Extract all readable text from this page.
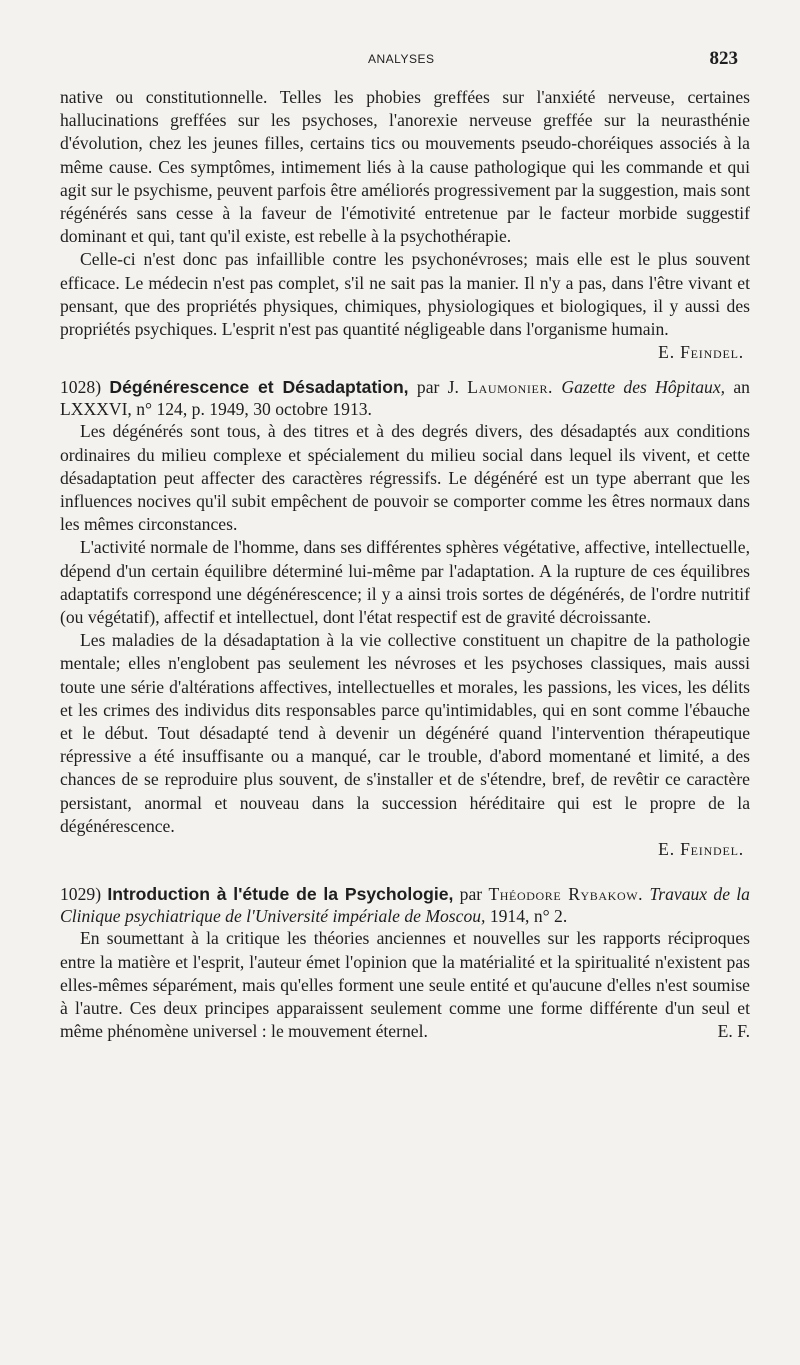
ANALYSES	823

native ou constitutionnelle. Telles les phobies greffées sur l'anxiété nerveuse, certaines hallucinations greffées sur les psychoses, l'anorexie nerveuse greffée sur la neurasthénie d'évolution, chez les jeunes filles, certains tics ou mouvements pseudo-choréiques associés à la même cause. Ces symptômes, intimement liés à la cause pathologique qui les commande et qui agit sur le psychisme, peuvent parfois être améliorés progressivement par la suggestion, mais sont régénérés sans cesse à la faveur de l'émotivité entretenue par le facteur morbide suggestif dominant et qui, tant qu'il existe, est rebelle à la psychothérapie.

Celle-ci n'est donc pas infaillible contre les psychonévroses; mais elle est le plus souvent efficace. Le médecin n'est pas complet, s'il ne sait pas la manier. Il n'y a pas, dans l'être vivant et pensant, que des propriétés physiques, chimiques, physiologiques et biologiques, il y aussi des propriétés psychiques. L'esprit n'est pas quantité négligeable dans l'organisme humain.

E. Feindel.

1028) Dégénérescence et Désadaptation, par J. Laumonier. Gazette des Hôpitaux, an LXXXVI, n° 124, p. 1949, 30 octobre 1913.

Les dégénérés sont tous, à des titres et à des degrés divers, des désadaptés aux conditions ordinaires du milieu complexe et spécialement du milieu social dans lequel ils vivent, et cette désadaptation peut affecter des caractères régressifs. Le dégénéré est un type aberrant que les influences nocives qu'il subit empêchent de pouvoir se comporter comme les êtres normaux dans les mêmes circonstances.

L'activité normale de l'homme, dans ses différentes sphères végétative, affective, intellectuelle, dépend d'un certain équilibre déterminé lui-même par l'adaptation. A la rupture de ces équilibres adaptatifs correspond une dégénérescence; il y a ainsi trois sortes de dégénérés, de l'ordre nutritif (ou végétatif), affectif et intellectuel, dont l'état respectif est de gravité décroissante.

Les maladies de la désadaptation à la vie collective constituent un chapitre de la pathologie mentale; elles n'englobent pas seulement les névroses et les psychoses classiques, mais aussi toute une série d'altérations affectives, intellectuelles et morales, les passions, les vices, les délits et les crimes des individus dits responsables parce qu'intimidables, qui en sont comme l'ébauche et le début. Tout désadapté tend à devenir un dégénéré quand l'intervention thérapeutique répressive a été insuffisante ou a manqué, car le trouble, d'abord momentané et limité, a des chances de se reproduire plus souvent, de s'installer et de s'étendre, bref, de revêtir ce caractère persistant, anormal et nouveau dans la succession héréditaire qui est le propre de la dégénérescence.

E. Feindel.

1029) Introduction à l'étude de la Psychologie, par Théodore Rybakow. Travaux de la Clinique psychiatrique de l'Université impériale de Moscou, 1914, n° 2.

En soumettant à la critique les théories anciennes et nouvelles sur les rapports réciproques entre la matière et l'esprit, l'auteur émet l'opinion que la matérialité et la spiritualité n'existent pas elles-mêmes séparément, mais qu'elles forment une seule entité et qu'aucune d'elles n'est soumise à l'autre. Ces deux principes apparaissent seulement comme une forme différente d'un seul et même phénomène universel : le mouvement éternel.	E. F.
